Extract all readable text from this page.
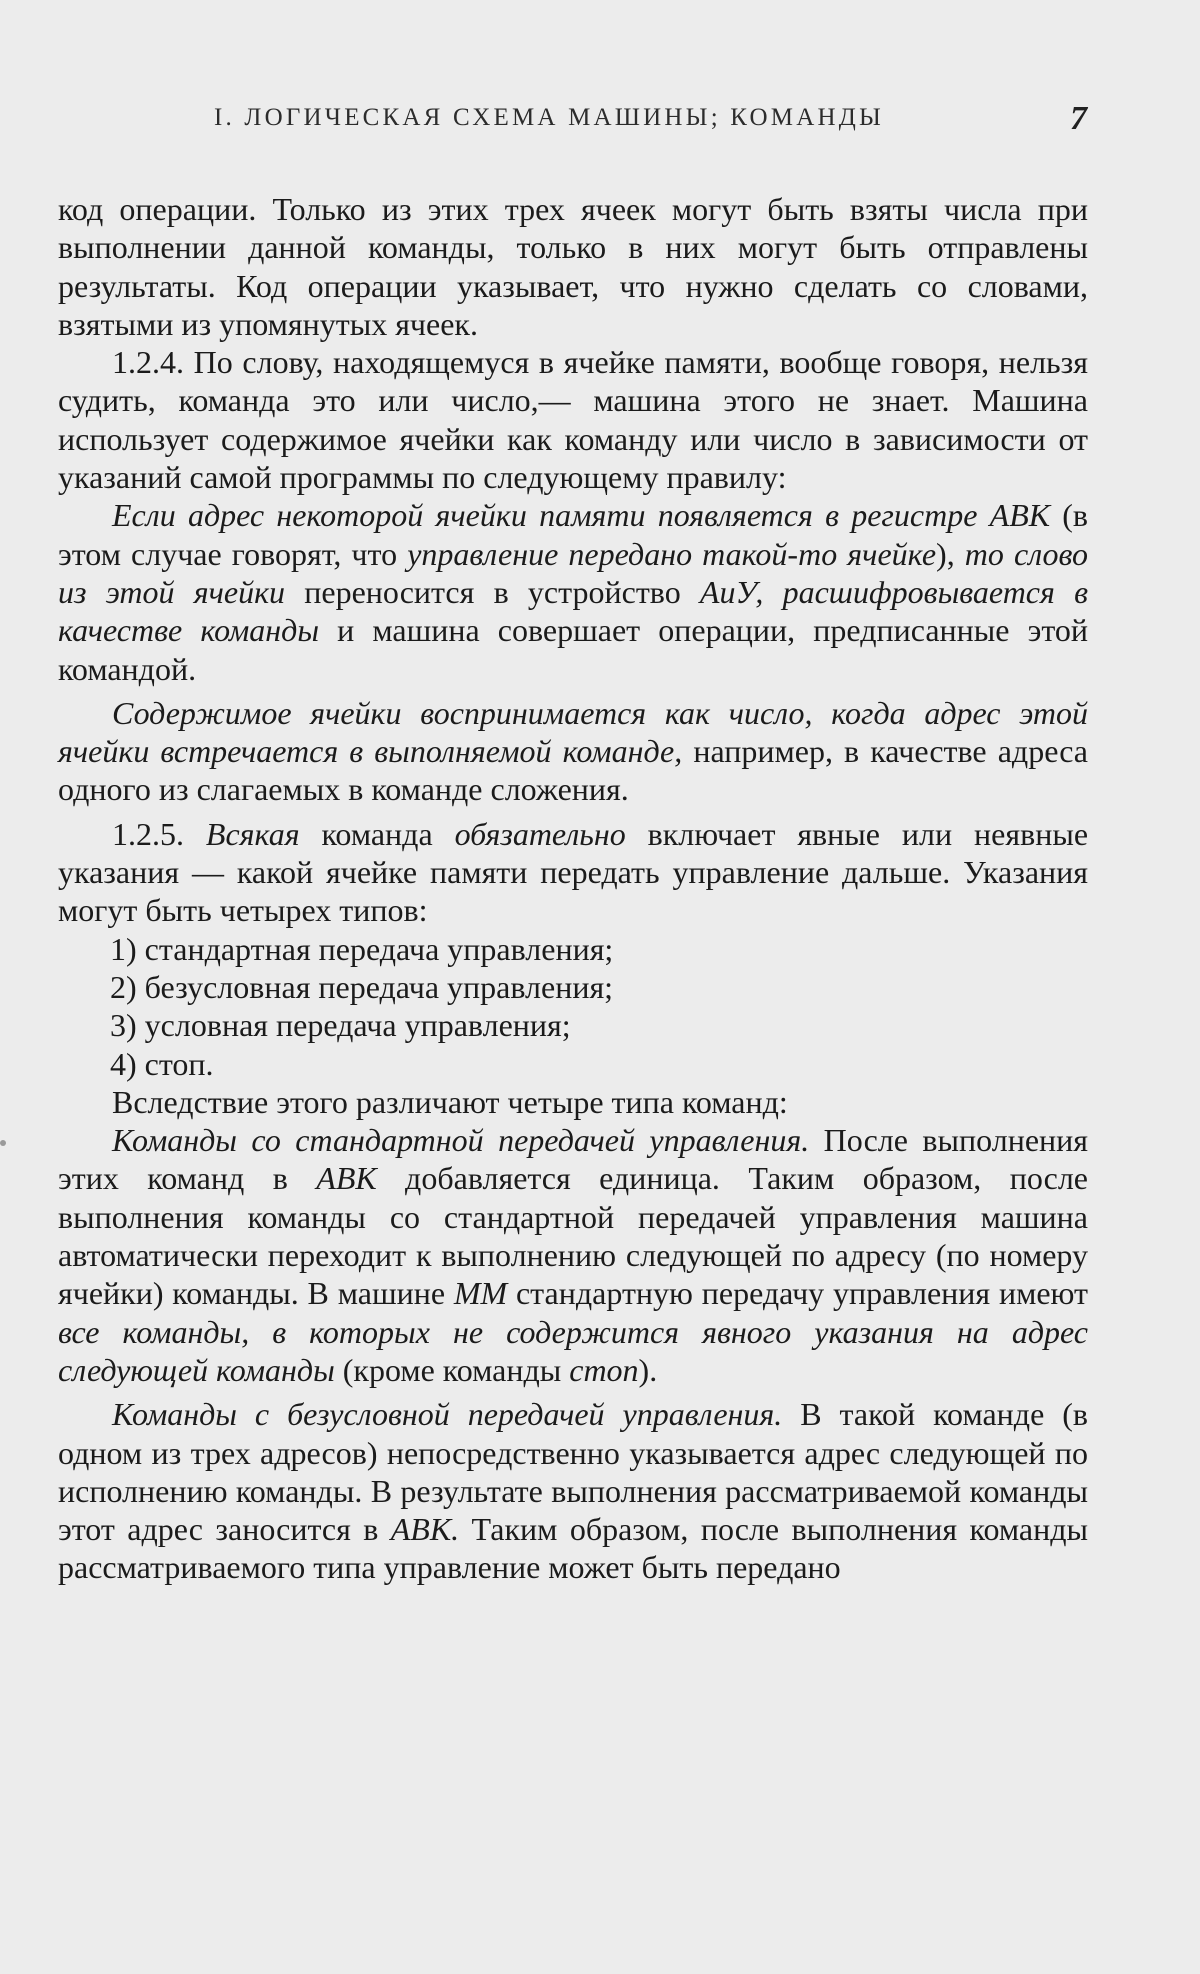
І. ЛОГИЧЕСКАЯ СХЕМА МАШИНЫ; КОМАНДЫ	7

код операции. Только из этих трех ячеек могут быть взяты числа при выполнении данной команды, только в них могут быть отправлены результаты. Код операции указывает, что нужно сделать со словами, взятыми из упомянутых ячеек.

1.2.4. По слову, находящемуся в ячейке памяти, вообще говоря, нельзя судить, команда это или число,— машина этого не знает. Машина использует содержимое ячейки как команду или число в зависимости от указаний самой программы по следующему правилу:

Если адрес некоторой ячейки памяти появляется в регистре АВК (в этом случае говорят, что управление передано такой-то ячейке), то слово из этой ячейки переносится в устройство АиУ, расшифровывается в качестве команды и машина совершает операции, предписанные этой командой.

Содержимое ячейки воспринимается как число, когда адрес этой ячейки встречается в выполняемой команде, например, в качестве адреса одного из слагаемых в команде сложения.

1.2.5. Всякая команда обязательно включает явные или неявные указания — какой ячейке памяти передать управление дальше. Указания могут быть четырех типов:

1) стандартная передача управления;
2) безусловная передача управления;
3) условная передача управления;
4) стоп.

Вследствие этого различают четыре типа команд:

Команды со стандартной передачей управления. После выполнения этих команд в АВК добавляется единица. Таким образом, после выполнения команды со стандартной передачей управления машина автоматически переходит к выполнению следующей по адресу (по номеру ячейки) команды. В машине ММ стандартную передачу управления имеют все команды, в которых не содержится явного указания на адрес следующей команды (кроме команды стоп).

Команды с безусловной передачей управления. В такой команде (в одном из трех адресов) непосредственно указывается адрес следующей по исполнению команды. В результате выполнения рассматриваемой команды этот адрес заносится в АВК. Таким образом, после выполнения команды рассматриваемого типа управление может быть передано
